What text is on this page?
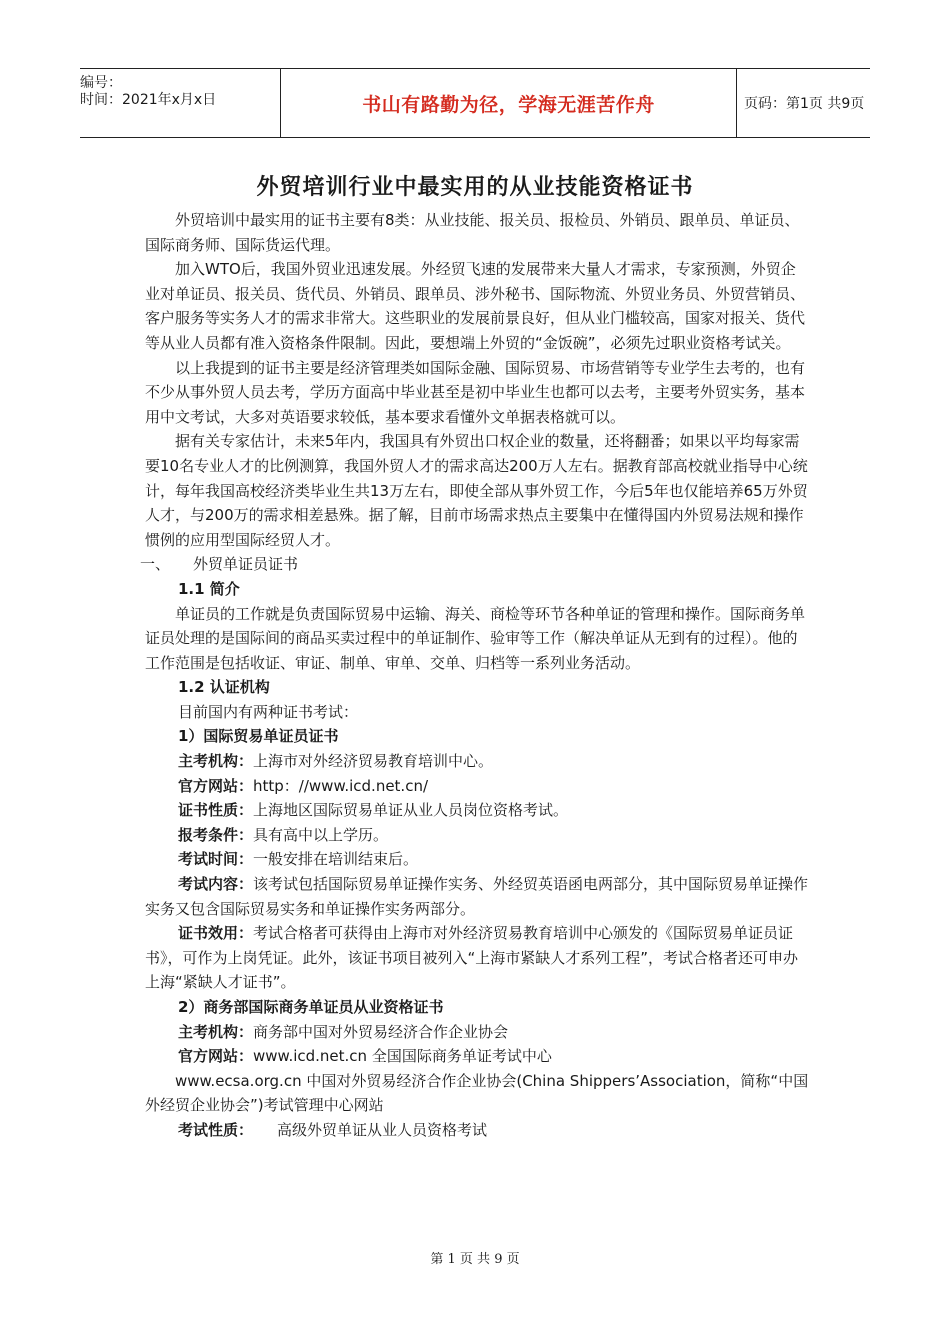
编号：
时间：2021年x月x日	书山有路勤为径，学海无涯苦作舟	页码：第1页 共9页
外贸培训行业中最实用的从业技能资格证书

外贸培训中最实用的证书主要有8类：从业技能、报关员、报检员、外销员、跟单员、单证员、国际商务师、国际货运代理。

加入WTO后，我国外贸业迅速发展。外经贸飞速的发展带来大量人才需求，专家预测，外贸企业对单证员、报关员、货代员、外销员、跟单员、涉外秘书、国际物流、外贸业务员、外贸营销员、客户服务等实务人才的需求非常大。这些职业的发展前景良好，但从业门槛较高，国家对报关、货代等从业人员都有准入资格条件限制。因此，要想端上外贸的“金饭碗”，必须先过职业资格考试关。

以上我提到的证书主要是经济管理类如国际金融、国际贸易、市场营销等专业学生去考的，也有不少从事外贸人员去考，学历方面高中毕业甚至是初中毕业生也都可以去考，主要考外贸实务，基本用中文考试，大多对英语要求较低，基本要求看懂外文单据表格就可以。

据有关专家估计，未来5年内，我国具有外贸出口权企业的数量，还将翻番；如果以平均每家需要10名专业人才的比例测算，我国外贸人才的需求高达200万人左右。据教育部高校就业指导中心统计，每年我国高校经济类毕业生共13万左右，即使全部从事外贸工作，今后5年也仅能培养65万外贸人才，与200万的需求相差悬殊。据了解，目前市场需求热点主要集中在懂得国内外贸易法规和操作惯例的应用型国际经贸人才。

一、	外贸单证员证书

1.1 简介

单证员的工作就是负责国际贸易中运输、海关、商检等环节各种单证的管理和操作。国际商务单证员处理的是国际间的商品买卖过程中的单证制作、验审等工作（解决单证从无到有的过程）。他的工作范围是包括收证、审证、制单、审单、交单、归档等一系列业务活动。

1.2 认证机构

目前国内有两种证书考试：

1）国际贸易单证员证书

主考机构：上海市对外经济贸易教育培训中心。

官方网站：http：//www.icd.net.cn/

证书性质：上海地区国际贸易单证从业人员岗位资格考试。

报考条件：具有高中以上学历。

考试时间：一般安排在培训结束后。

考试内容：该考试包括国际贸易单证操作实务、外经贸英语函电两部分，其中国际贸易单证操作实务又包含国际贸易实务和单证操作实务两部分。

证书效用：考试合格者可获得由上海市对外经济贸易教育培训中心颁发的《国际贸易单证员证书》，可作为上岗凭证。此外，该证书项目被列入“上海市紧缺人才系列工程”，考试合格者还可申办上海“紧缺人才证书”。

2）商务部国际商务单证员从业资格证书

主考机构：商务部中国对外贸易经济合作企业协会

官方网站：www.icd.net.cn 全国国际商务单证考试中心

www.ecsa.org.cn 中国对外贸易经济合作企业协会(China Shippers’Association，简称“中国外经贸企业协会”)考试管理中心网站

考试性质： 高级外贸单证从业人员资格考试

第 1 页 共 9 页
